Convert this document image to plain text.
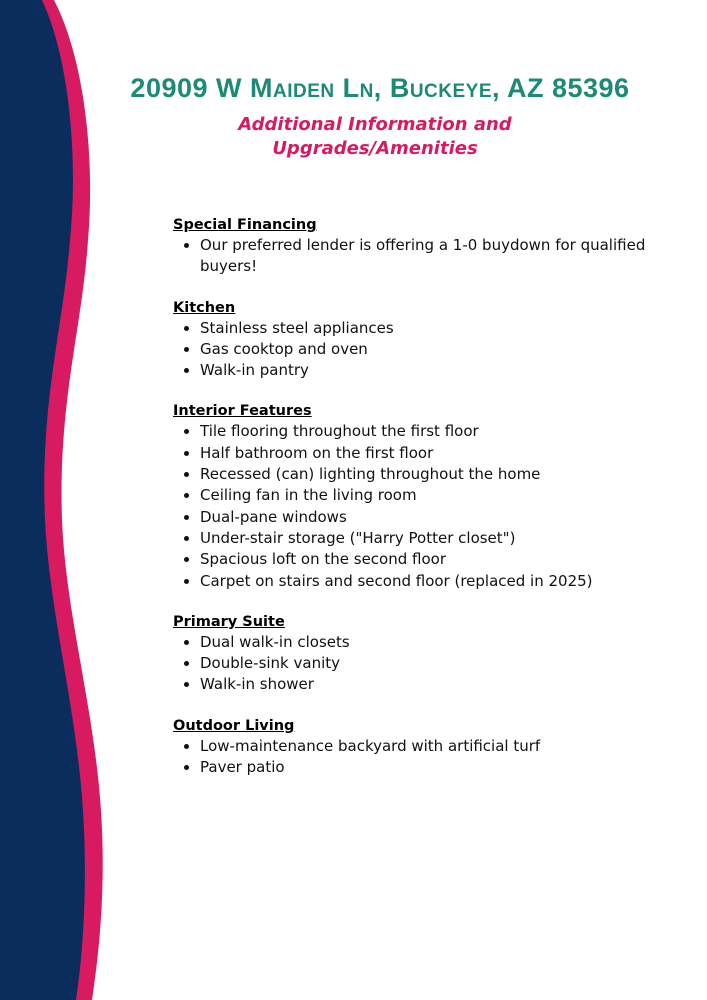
20909 W Maiden Ln, Buckeye, AZ 85396
Additional Information and Upgrades/Amenities

Special Financing

• Our preferred lender is offering a 1-0 buydown for qualified buyers!

Kitchen

• Stainless steel appliances
• Gas cooktop and oven
• Walk-in pantry

Interior Features

• Tile flooring throughout the first floor
• Half bathroom on the first floor
• Recessed (can) lighting throughout the home
• Ceiling fan in the living room
• Dual-pane windows
• Under-stair storage ("Harry Potter closet")
• Spacious loft on the second floor
• Carpet on stairs and second floor (replaced in 2025)

Primary Suite

• Dual walk-in closets
• Double-sink vanity
• Walk-in shower

Outdoor Living

• Low-maintenance backyard with artificial turf
• Paver patio
